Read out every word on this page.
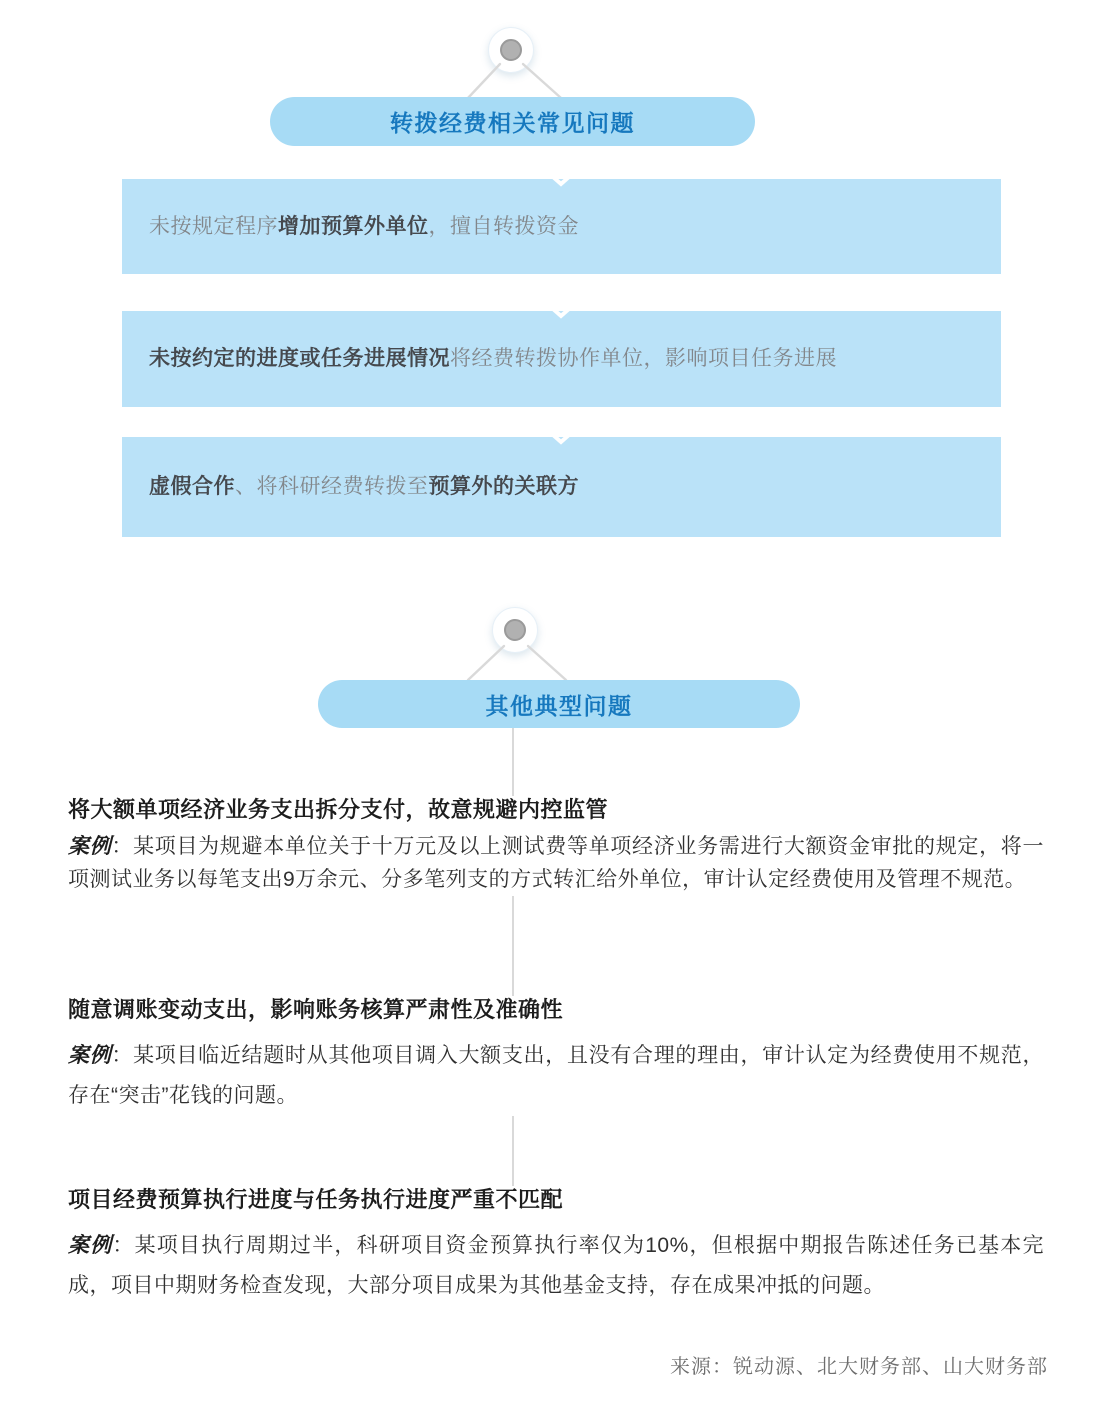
转拨经费相关常见问题

未按规定程序增加预算外单位，擅自转拨资金

未按约定的进度或任务进展情况将经费转拨协作单位，影响项目任务进展

虚假合作、将科研经费转拨至预算外的关联方

其他典型问题
将大额单项经济业务支出拆分支付，故意规避内控监管

案例：某项目为规避本单位关于十万元及以上测试费等单项经济业务需进行大额资金审批的规定，将一项测试业务以每笔支出9万余元、分多笔列支的方式转汇给外单位，审计认定经费使用及管理不规范。

随意调账变动支出，影响账务核算严肃性及准确性

案例：某项目临近结题时从其他项目调入大额支出，且没有合理的理由，审计认定为经费使用不规范，存在“突击”花钱的问题。

项目经费预算执行进度与任务执行进度严重不匹配

案例：某项目执行周期过半，科研项目资金预算执行率仅为10%，但根据中期报告陈述任务已基本完成，项目中期财务检查发现，大部分项目成果为其他基金支持，存在成果冲抵的问题。

来源：锐动源、北大财务部、山大财务部
